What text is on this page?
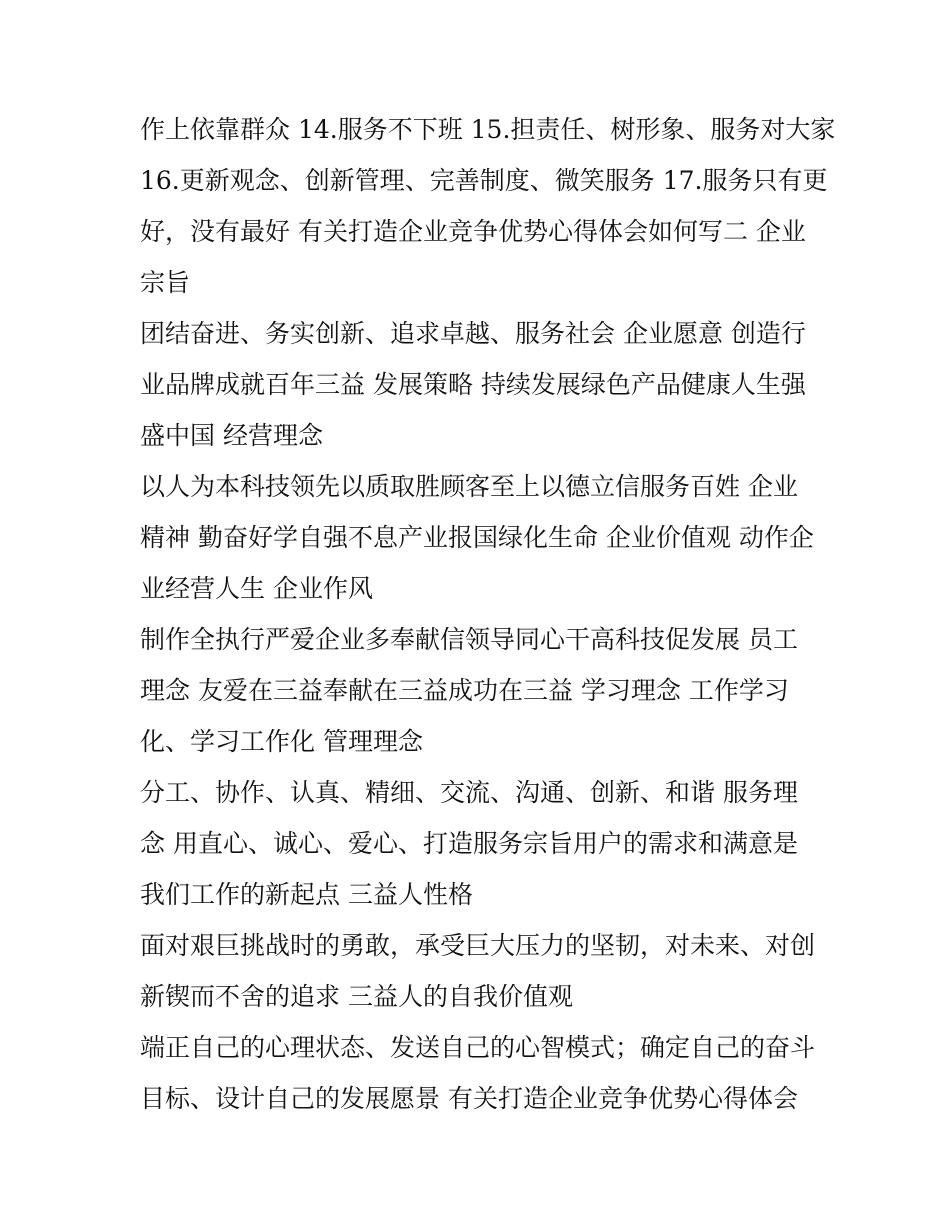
作上依靠群众 14.服务不下班 15.担责任、树形象、服务对大家
16.更新观念、创新管理、完善制度、微笑服务 17.服务只有更
好，没有最好 有关打造企业竞争优势心得体会如何写二 企业
宗旨
团结奋进、务实创新、追求卓越、服务社会 企业愿意 创造行
业品牌成就百年三益 发展策略 持续发展绿色产品健康人生强
盛中国 经营理念
以人为本科技领先以质取胜顾客至上以德立信服务百姓 企业
精神 勤奋好学自强不息产业报国绿化生命 企业价值观 动作企
业经营人生 企业作风
制作全执行严爱企业多奉献信领导同心干高科技促发展 员工
理念 友爱在三益奉献在三益成功在三益 学习理念 工作学习
化、学习工作化 管理理念
分工、协作、认真、精细、交流、沟通、创新、和谐 服务理
念 用直心、诚心、爱心、打造服务宗旨用户的需求和满意是
我们工作的新起点 三益人性格
面对艰巨挑战时的勇敢，承受巨大压力的坚韧，对未来、对创
新锲而不舍的追求 三益人的自我价值观
端正自己的心理状态、发送自己的心智模式；确定自己的奋斗
目标、设计自己的发展愿景 有关打造企业竞争优势心得体会
